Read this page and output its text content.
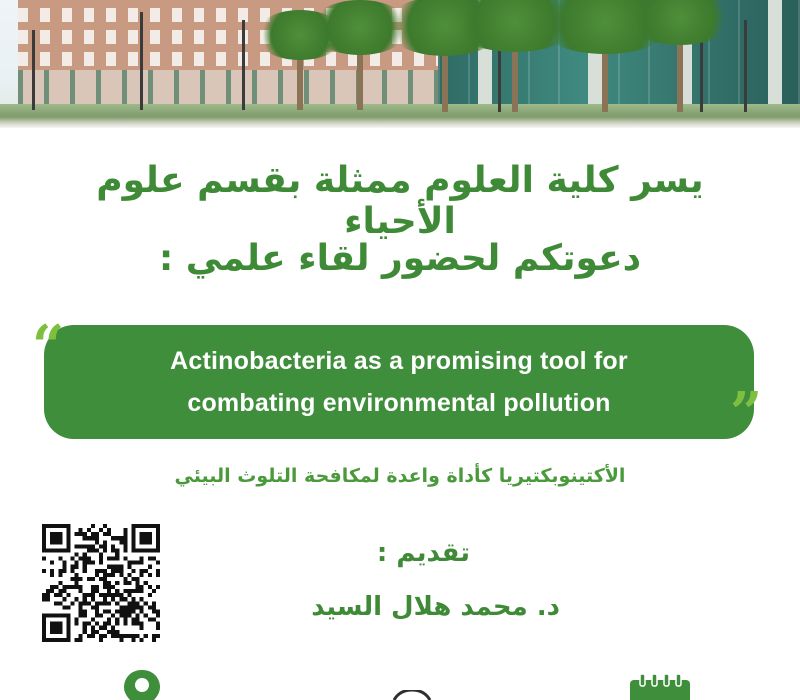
يسر كلية العلوم ممثلة بقسم علوم الأحياء
دعوتكم لحضور لقاء علمي :
Actinobacteria as a promising tool for
combating environmental pollution
“
”
الأكتينوبكتيريا كأداة واعدة لمكافحة التلوث البيئي
تقديم :
د. محمد هلال السيد
